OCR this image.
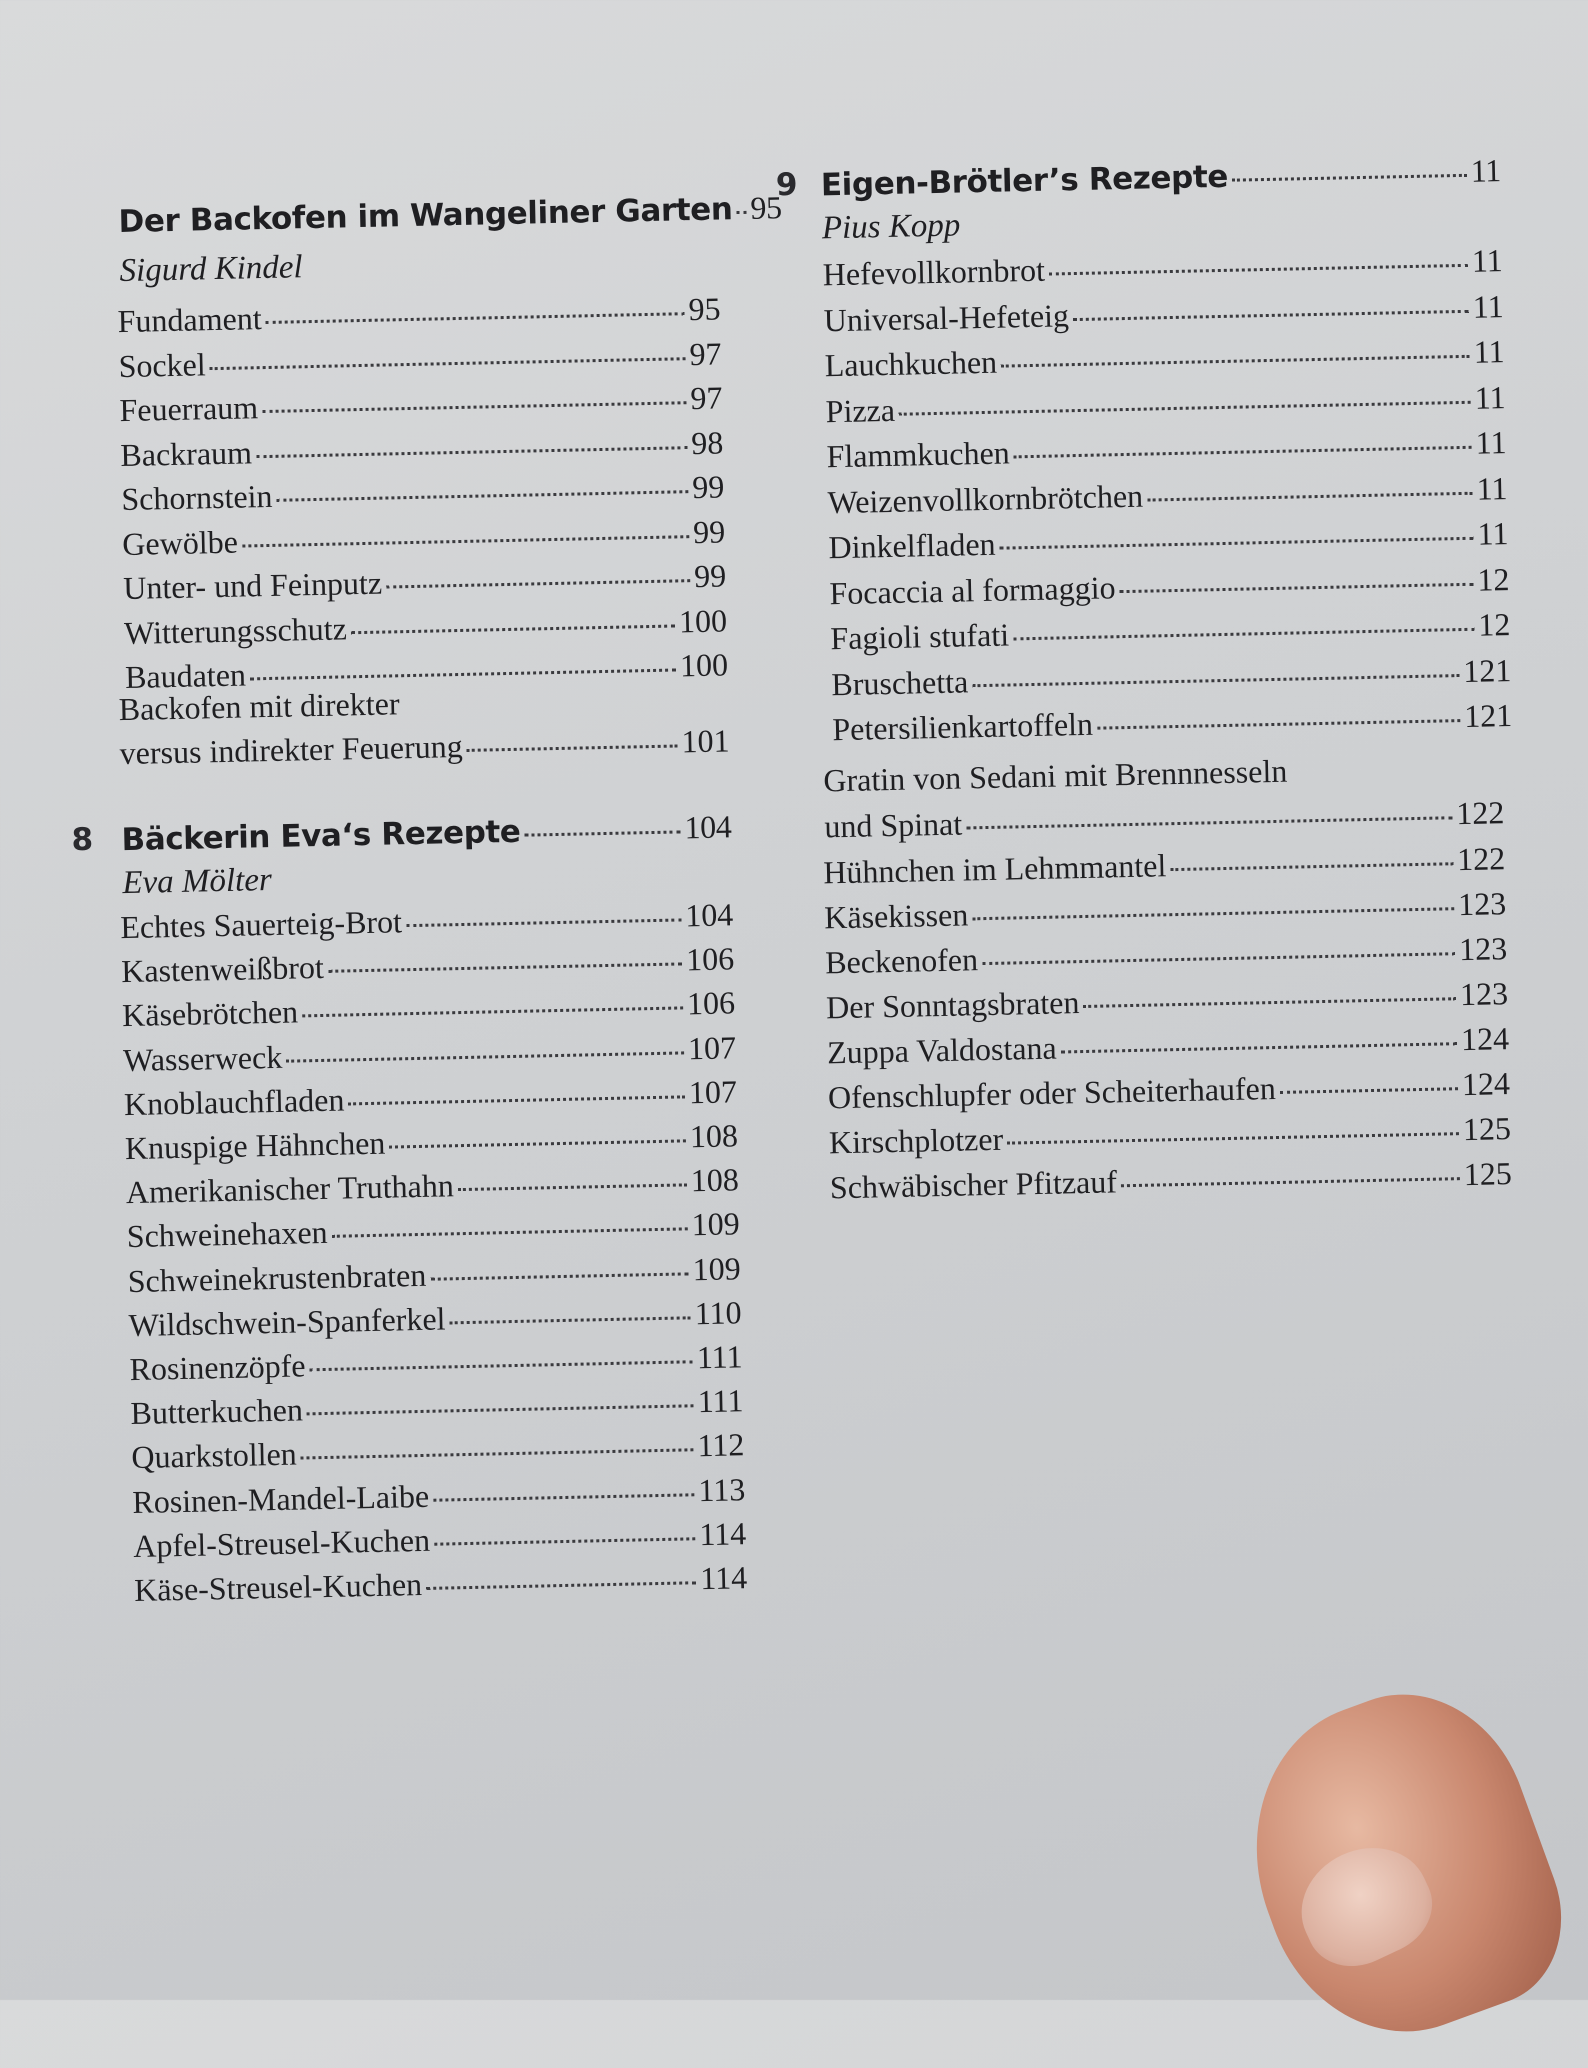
Der Backofen im Wangeliner Garten 95
Sigurd Kindel
Fundament	95
Sockel	97
Feuerraum	97
Backraum	98
Schornstein	99
Gewölbe	99
Unter- und Feinputz	99
Witterungsschutz	100
Baudaten	100
Backofen mit direkter
versus indirekter Feuerung	101
8 Bäckerin Eva‘s Rezepte	104
Eva Mölter
Echtes Sauerteig-Brot	104
Kastenweißbrot	106
Käsebrötchen	106
Wasserweck	107
Knoblauchfladen	107
Knuspige Hähnchen	108
Amerikanischer Truthahn	108
Schweinehaxen	109
Schweinekrustenbraten	109
Wildschwein-Spanferkel	110
Rosinenzöpfe	111
Butterkuchen	111
Quarkstollen	112
Rosinen-Mandel-Laibe	113
Apfel-Streusel-Kuchen	114
Käse-Streusel-Kuchen	114
9 Eigen-Brötler’s Rezepte	11
Pius Kopp
Hefevollkornbrot	11
Universal-Hefeteig	11
Lauchkuchen	11
Pizza	11
Flammkuchen	11
Weizenvollkornbrötchen	11
Dinkelfladen	11
Focaccia al formaggio	12
Fagioli stufati	12
Bruschetta	121
Petersilienkartoffeln	121
Gratin von Sedani mit Brennnesseln
und Spinat	122
Hühnchen im Lehmmantel	122
Käsekissen	123
Beckenofen	123
Der Sonntagsbraten	123
Zuppa Valdostana	124
Ofenschlupfer oder Scheiterhaufen	124
Kirschplotzer	125
Schwäbischer Pfitzauf	125
